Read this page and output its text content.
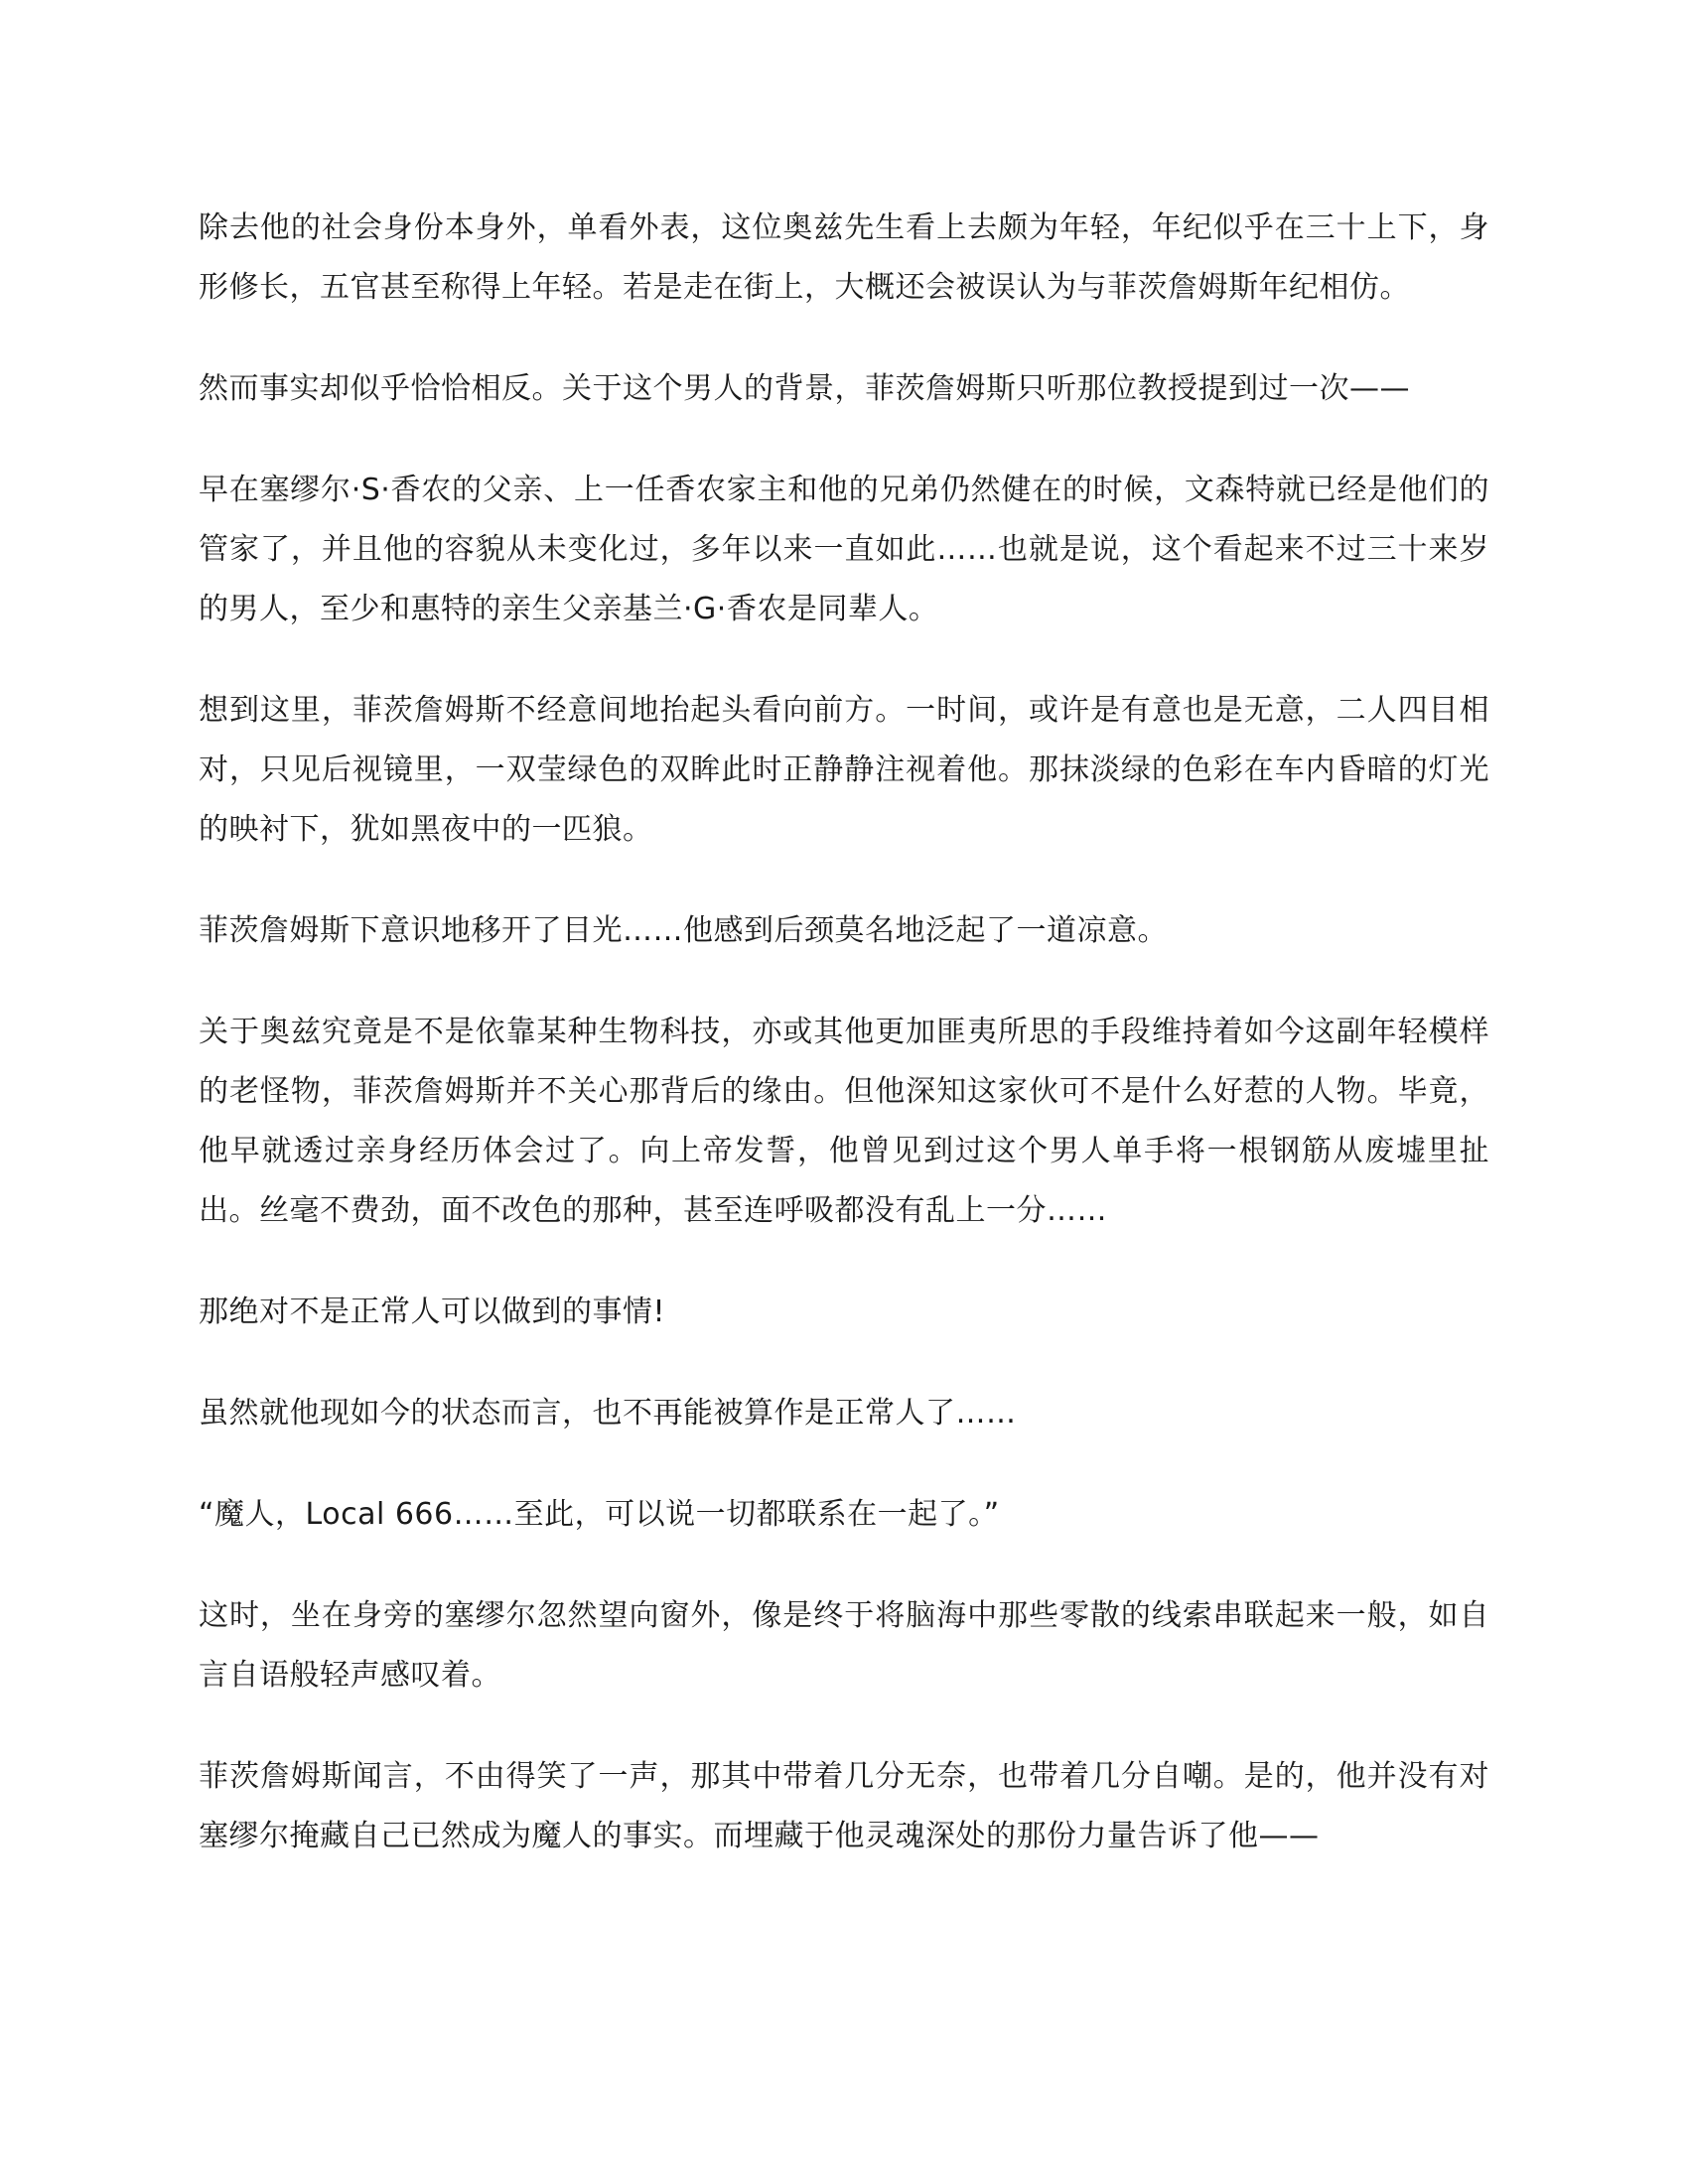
除去他的社会身份本身外，单看外表，这位奥兹先生看上去颇为年轻，年纪似乎在三十上下，身形修长，五官甚至称得上年轻。若是走在街上，大概还会被误认为与菲茨詹姆斯年纪相仿。

然而事实却似乎恰恰相反。关于这个男人的背景，菲茨詹姆斯只听那位教授提到过一次——

早在塞缪尔·S·香农的父亲、上一任香农家主和他的兄弟仍然健在的时候，文森特就已经是他们的管家了，并且他的容貌从未变化过，多年以来一直如此……也就是说，这个看起来不过三十来岁的男人，至少和惠特的亲生父亲基兰·G·香农是同辈人。

想到这里，菲茨詹姆斯不经意间地抬起头看向前方。一时间，或许是有意也是无意，二人四目相对，只见后视镜里，一双莹绿色的双眸此时正静静注视着他。那抹淡绿的色彩在车内昏暗的灯光的映衬下，犹如黑夜中的一匹狼。

菲茨詹姆斯下意识地移开了目光……他感到后颈莫名地泛起了一道凉意。

关于奥兹究竟是不是依靠某种生物科技，亦或其他更加匪夷所思的手段维持着如今这副年轻模样的老怪物，菲茨詹姆斯并不关心那背后的缘由。但他深知这家伙可不是什么好惹的人物。毕竟，他早就透过亲身经历体会过了。向上帝发誓，他曾见到过这个男人单手将一根钢筋从废墟里扯出。丝毫不费劲，面不改色的那种，甚至连呼吸都没有乱上一分……

那绝对不是正常人可以做到的事情!

虽然就他现如今的状态而言，也不再能被算作是正常人了……

“魔人，Local 666……至此，可以说一切都联系在一起了。”

这时，坐在身旁的塞缪尔忽然望向窗外，像是终于将脑海中那些零散的线索串联起来一般，如自言自语般轻声感叹着。

菲茨詹姆斯闻言，不由得笑了一声，那其中带着几分无奈，也带着几分自嘲。是的，他并没有对塞缪尔掩藏自己已然成为魔人的事实。而埋藏于他灵魂深处的那份力量告诉了他——
